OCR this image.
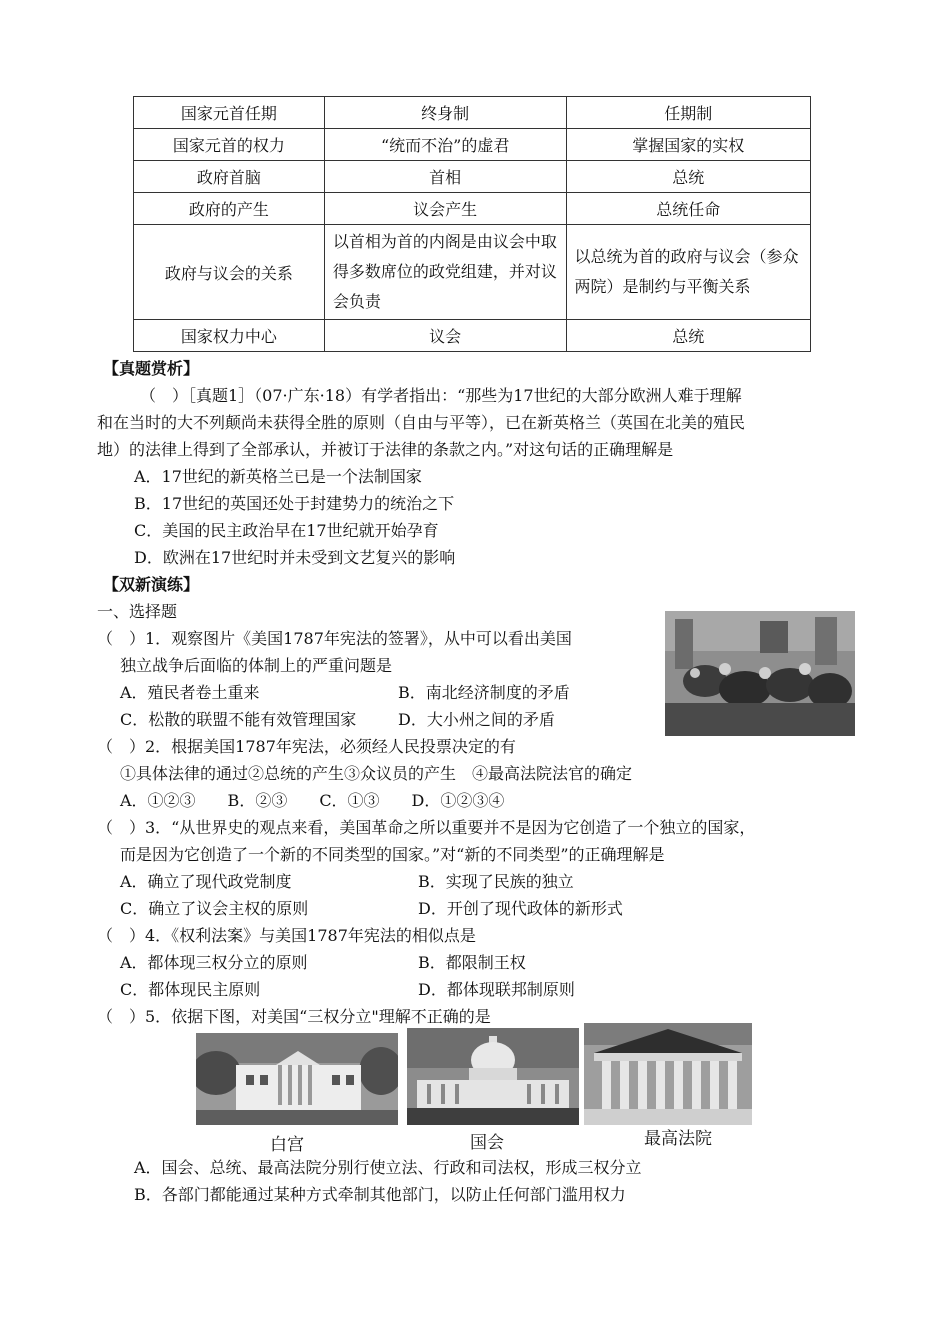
国家元首任期	终身制	任期制
国家元首的权力	“统而不治”的虚君	掌握国家的实权
政府首脑	首相	总统
政府的产生	议会产生	总统任命
政府与议会的关系	以首相为首的内阁是由议会中取得多数席位的政党组建，并对议会负责	以总统为首的政府与议会（参众两院）是制约与平衡关系
国家权力中心	议会	总统
【真题赏析】
（　）［真题1］（07·广东·18）有学者指出：“那些为17世纪的大部分欧洲人难于理解
和在当时的大不列颠尚未获得全胜的原则（自由与平等），已在新英格兰（英国在北美的殖民
地）的法律上得到了全部承认，并被订于法律的条款之内。”对这句话的正确理解是
A．17世纪的新英格兰已是一个法制国家
B．17世纪的英国还处于封建势力的统治之下
C．美国的民主政治早在17世纪就开始孕育
D．欧洲在17世纪时并未受到文艺复兴的影响
【双新演练】
一、选择题
（　）1．观察图片《美国1787年宪法的签署》，从中可以看出美国
独立战争后面临的体制上的严重问题是
A．殖民者卷土重来	B．南北经济制度的矛盾
C．松散的联盟不能有效管理国家	D．大小州之间的矛盾
（　）2．根据美国1787年宪法，必须经人民投票决定的有
①具体法律的通过②总统的产生③众议员的产生　④最高法院法官的确定
A．①②③　　B．②③　　C．①③　　D．①②③④
（　）3．“从世界史的观点来看，美国革命之所以重要并不是因为它创造了一个独立的国家，
而是因为它创造了一个新的不同类型的国家。”对“新的不同类型”的正确理解是
A．确立了现代政党制度	B．实现了民族的独立
C．确立了议会主权的原则	D．开创了现代政体的新形式
（　）4．《权利法案》与美国1787年宪法的相似点是
A．都体现三权分立的原则	B．都限制王权
C．都体现民主原则	D．都体现联邦制原则
（　）5．依据下图，对美国“三权分立"理解不正确的是
白宫	国会	最高法院
A．国会、总统、最高法院分别行使立法、行政和司法权，形成三权分立
B．各部门都能通过某种方式牵制其他部门，以防止任何部门滥用权力
